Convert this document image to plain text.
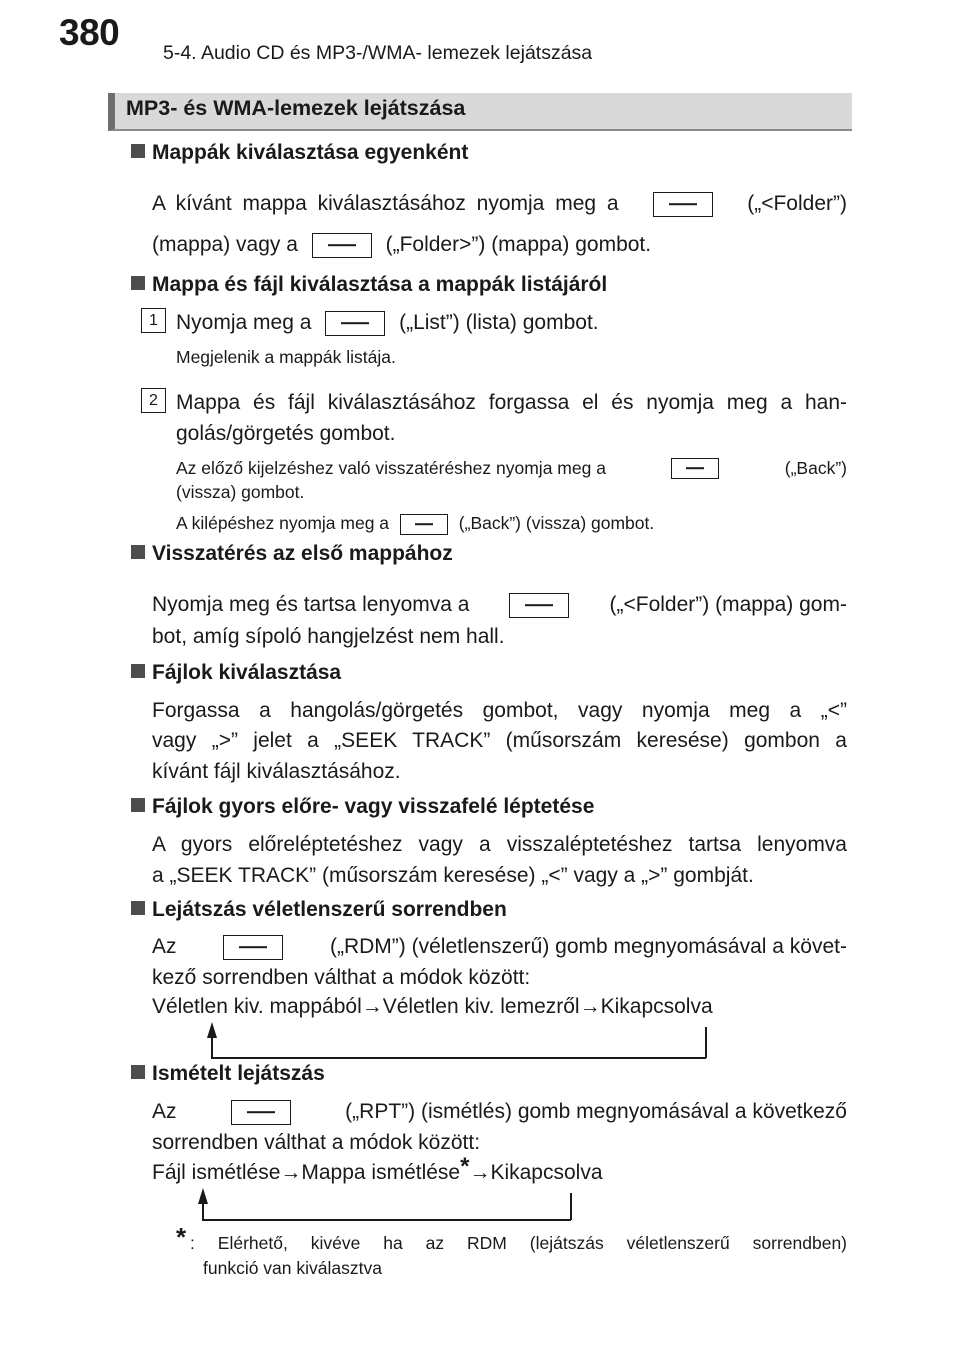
380 5-4. Audio CD és MP3-/WMA- lemezek lejátszása
MP3- és WMA-lemezek lejátszása
Mappák kiválasztása egyenként
A kívánt mappa kiválasztásához nyomja meg a	(„<Folder”)
(mappa) vagy a	(„Folder>”) (mappa) gombot.
Mappa és fájl kiválasztása a mappák listájáról
1 Nyomja meg a	(„List”) (lista) gombot.
Megjelenik a mappák listája.
2 Mappa és fájl kiválasztásához forgassa el és nyomja meg a han-
golás/görgetés gombot.
Az előző kijelzéshez való visszatéréshez nyomja meg a	(„Back”)
(vissza) gombot.
A kilépéshez nyomja meg a	(„Back”) (vissza) gombot.
Visszatérés az első mappához
Nyomja meg és tartsa lenyomva a	(„<Folder”) (mappa) gom-
bot, amíg sípoló hangjelzést nem hall.
Fájlok kiválasztása
Forgassa a hangolás/görgetés gombot, vagy nyomja meg a „<”
vagy „>” jelet a „SEEK TRACK” (műsorszám keresése) gombon a
kívánt fájl kiválasztásához.
Fájlok gyors előre- vagy visszafelé léptetése
A gyors előreléptetéshez vagy a visszaléptetéshez tartsa lenyomva
a „SEEK TRACK” (műsorszám keresése) „<” vagy a „>” gombját.
Lejátszás véletlenszerű sorrendben
Az	(„RDM”) (véletlenszerű) gomb megnyomásával a követ-
kező sorrendben válthat a módok között:
Véletlen kiv. mappából→Véletlen kiv. lemezről→Kikapcsolva
Ismételt lejátszás
Az	(„RPT”) (ismétlés) gomb megnyomásával a következő
sorrendben válthat a módok között:
Fájl ismétlése→Mappa ismétlése*→Kikapcsolva
* : Elérhető, kivéve ha az RDM (lejátszás véletlenszerű sorrendben)
funkció van kiválasztva
